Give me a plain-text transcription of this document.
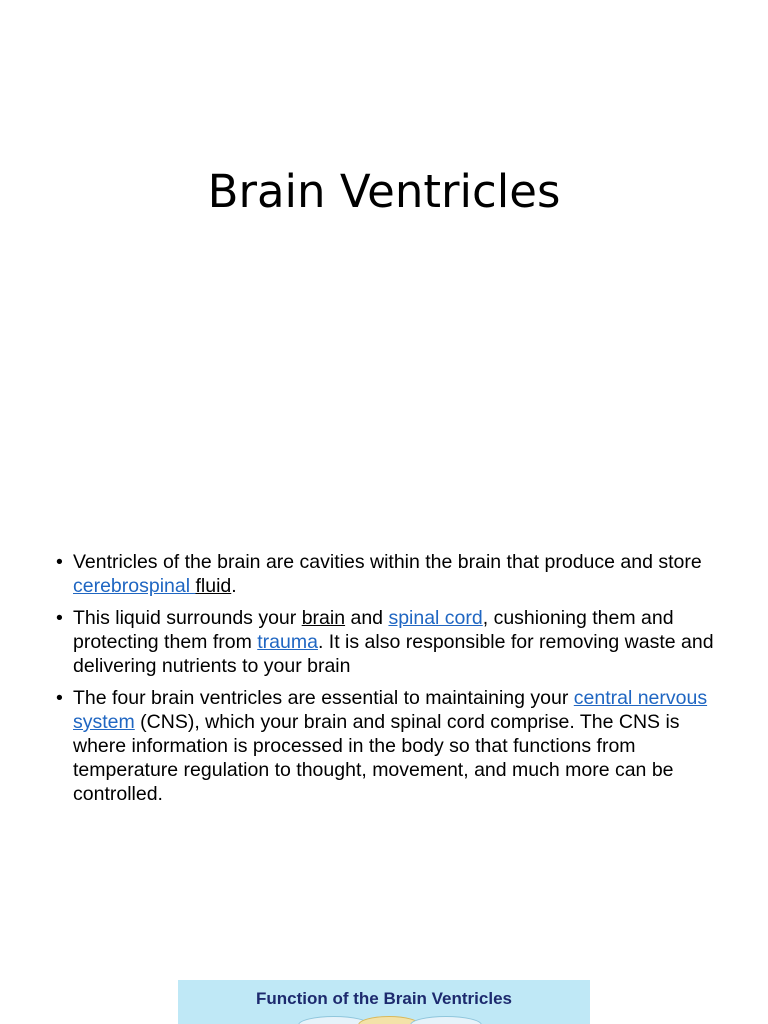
Brain Ventricles
• Ventricles of the brain are cavities within the brain that produce and store cerebrospinal fluid.
• This liquid surrounds your brain and spinal cord, cushioning them and protecting them from trauma. It is also responsible for removing waste and delivering nutrients to your brain
• The four brain ventricles are essential to maintaining your central nervous system (CNS), which your brain and spinal cord comprise. The CNS is where information is processed in the body so that functions from temperature regulation to thought, movement, and much more can be controlled.
Function of the Brain Ventricles
